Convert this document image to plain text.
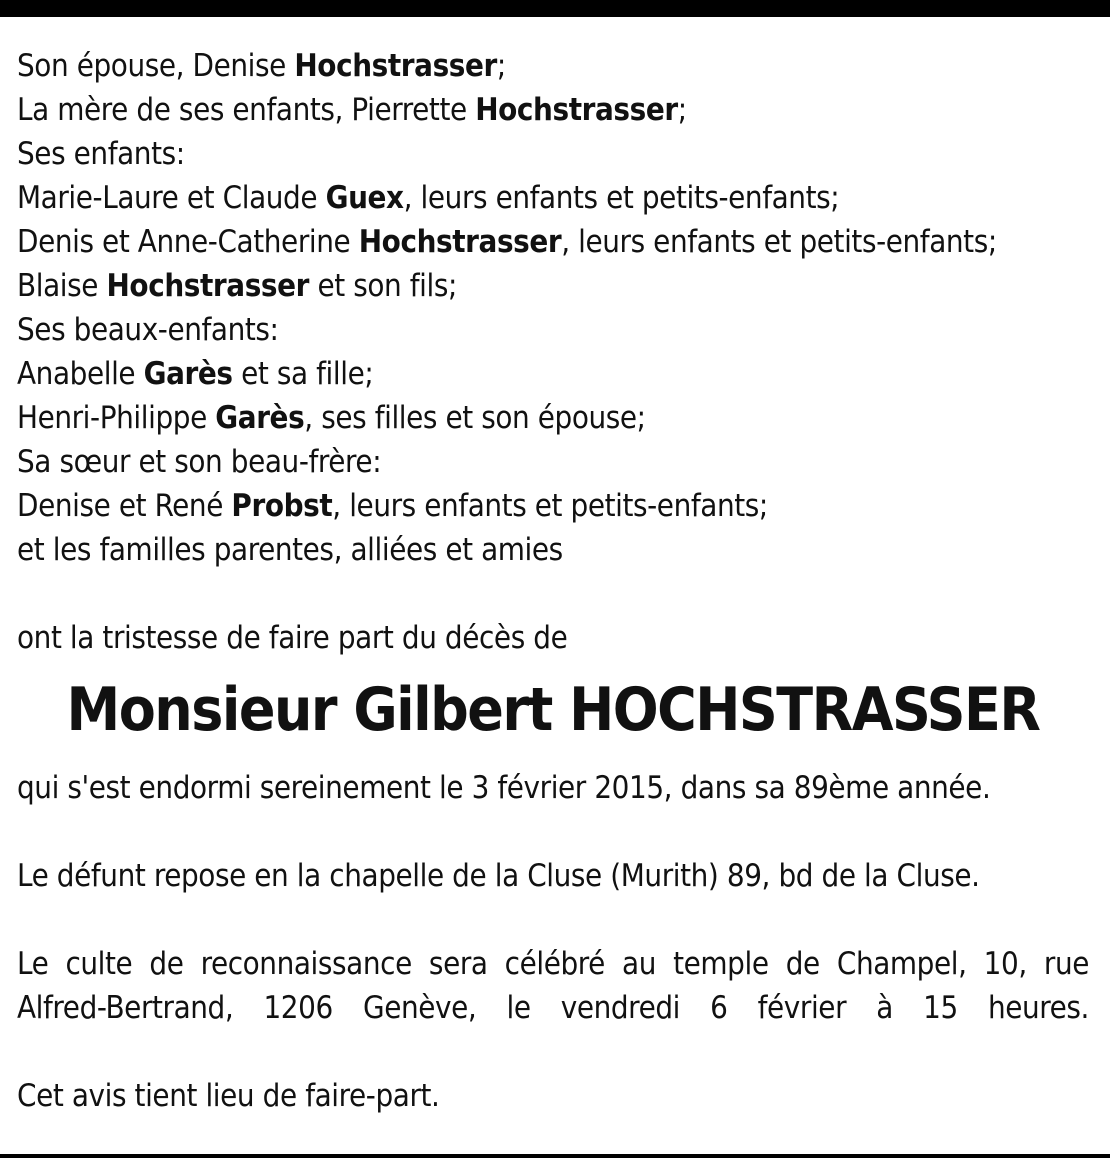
Son épouse, Denise Hochstrasser;
La mère de ses enfants, Pierrette Hochstrasser;
Ses enfants:
Marie-Laure et Claude Guex, leurs enfants et petits-enfants;
Denis et Anne-Catherine Hochstrasser, leurs enfants et petits-enfants;
Blaise Hochstrasser et son fils;
Ses beaux-enfants:
Anabelle Garès et sa fille;
Henri-Philippe Garès, ses filles et son épouse;
Sa sœur et son beau-frère:
Denise et René Probst, leurs enfants et petits-enfants;
et les familles parentes, alliées et amies
ont la tristesse de faire part du décès de
Monsieur Gilbert HOCHSTRASSER
qui s'est endormi sereinement le 3 février 2015, dans sa 89ème année.
Le défunt repose en la chapelle de la Cluse (Murith) 89, bd de la Cluse.
Le culte de reconnaissance sera célébré au temple de Champel, 10, rue Alfred-Bertrand, 1206 Genève, le vendredi 6 février à 15 heures.
Cet avis tient lieu de faire-part.
